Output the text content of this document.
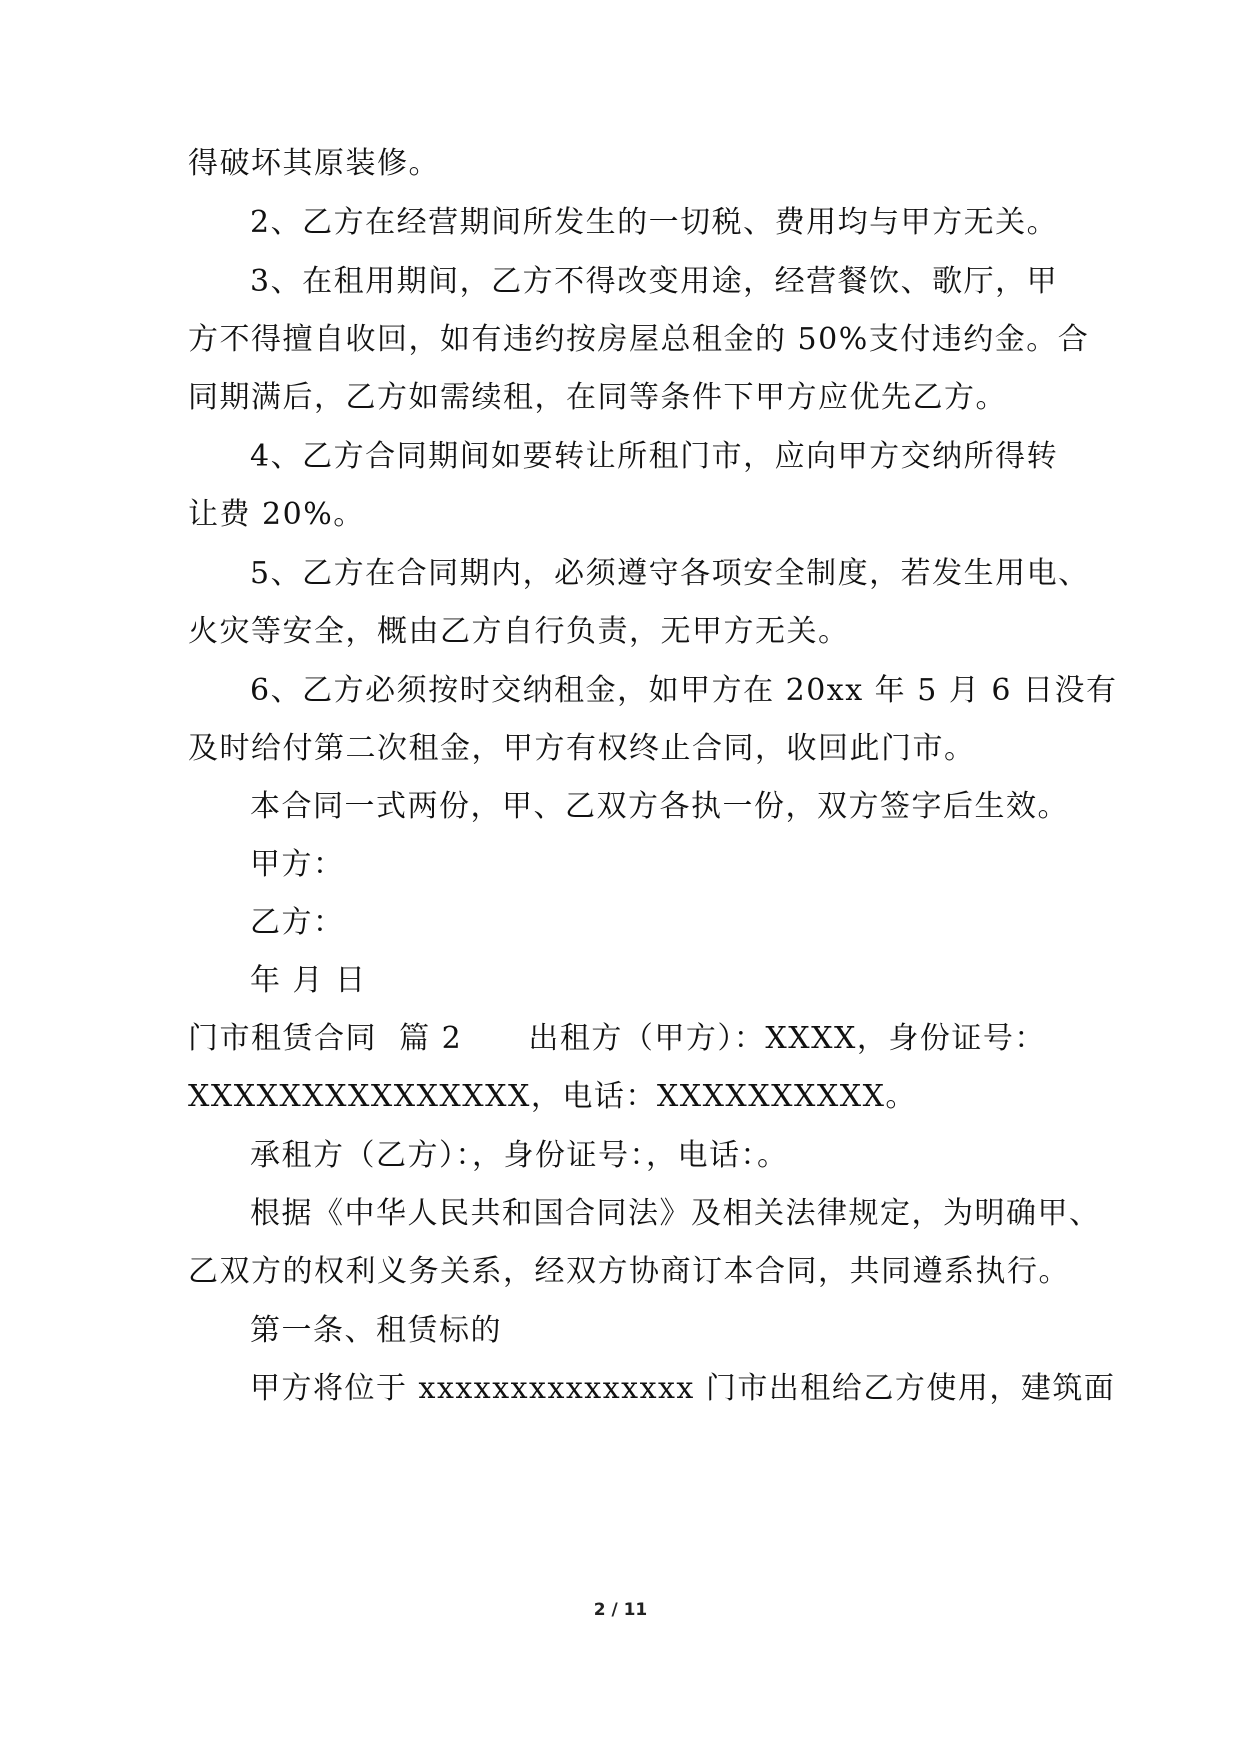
得破坏其原装修。
2、乙方在经营期间所发生的一切税、费用均与甲方无关。
3、在租用期间，乙方不得改变用途，经营餐饮、歌厅，甲
方不得擅自收回，如有违约按房屋总租金的 50%支付违约金。合
同期满后，乙方如需续租，在同等条件下甲方应优先乙方。
4、乙方合同期间如要转让所租门市，应向甲方交纳所得转
让费 20%。
5、乙方在合同期内，必须遵守各项安全制度，若发生用电、
火灾等安全，概由乙方自行负责，无甲方无关。
6、乙方必须按时交纳租金，如甲方在 20xx 年 5 月 6 日没有
及时给付第二次租金，甲方有权终止合同，收回此门市。
本合同一式两份，甲、乙双方各执一份，双方签字后生效。
甲方：
乙方：
年 月 日
门市租赁合同  篇 2      出租方（甲方）：XXXX，身份证号：
XXXXXXXXXXXXXXX，电话：XXXXXXXXXX。
承租方（乙方）：，身份证号：，电话：。
根据《中华人民共和国合同法》及相关法律规定，为明确甲、
乙双方的权利义务关系，经双方协商订本合同，共同遵系执行。
第一条、租赁标的
甲方将位于 xxxxxxxxxxxxxxx 门市出租给乙方使用，建筑面
2 / 11
